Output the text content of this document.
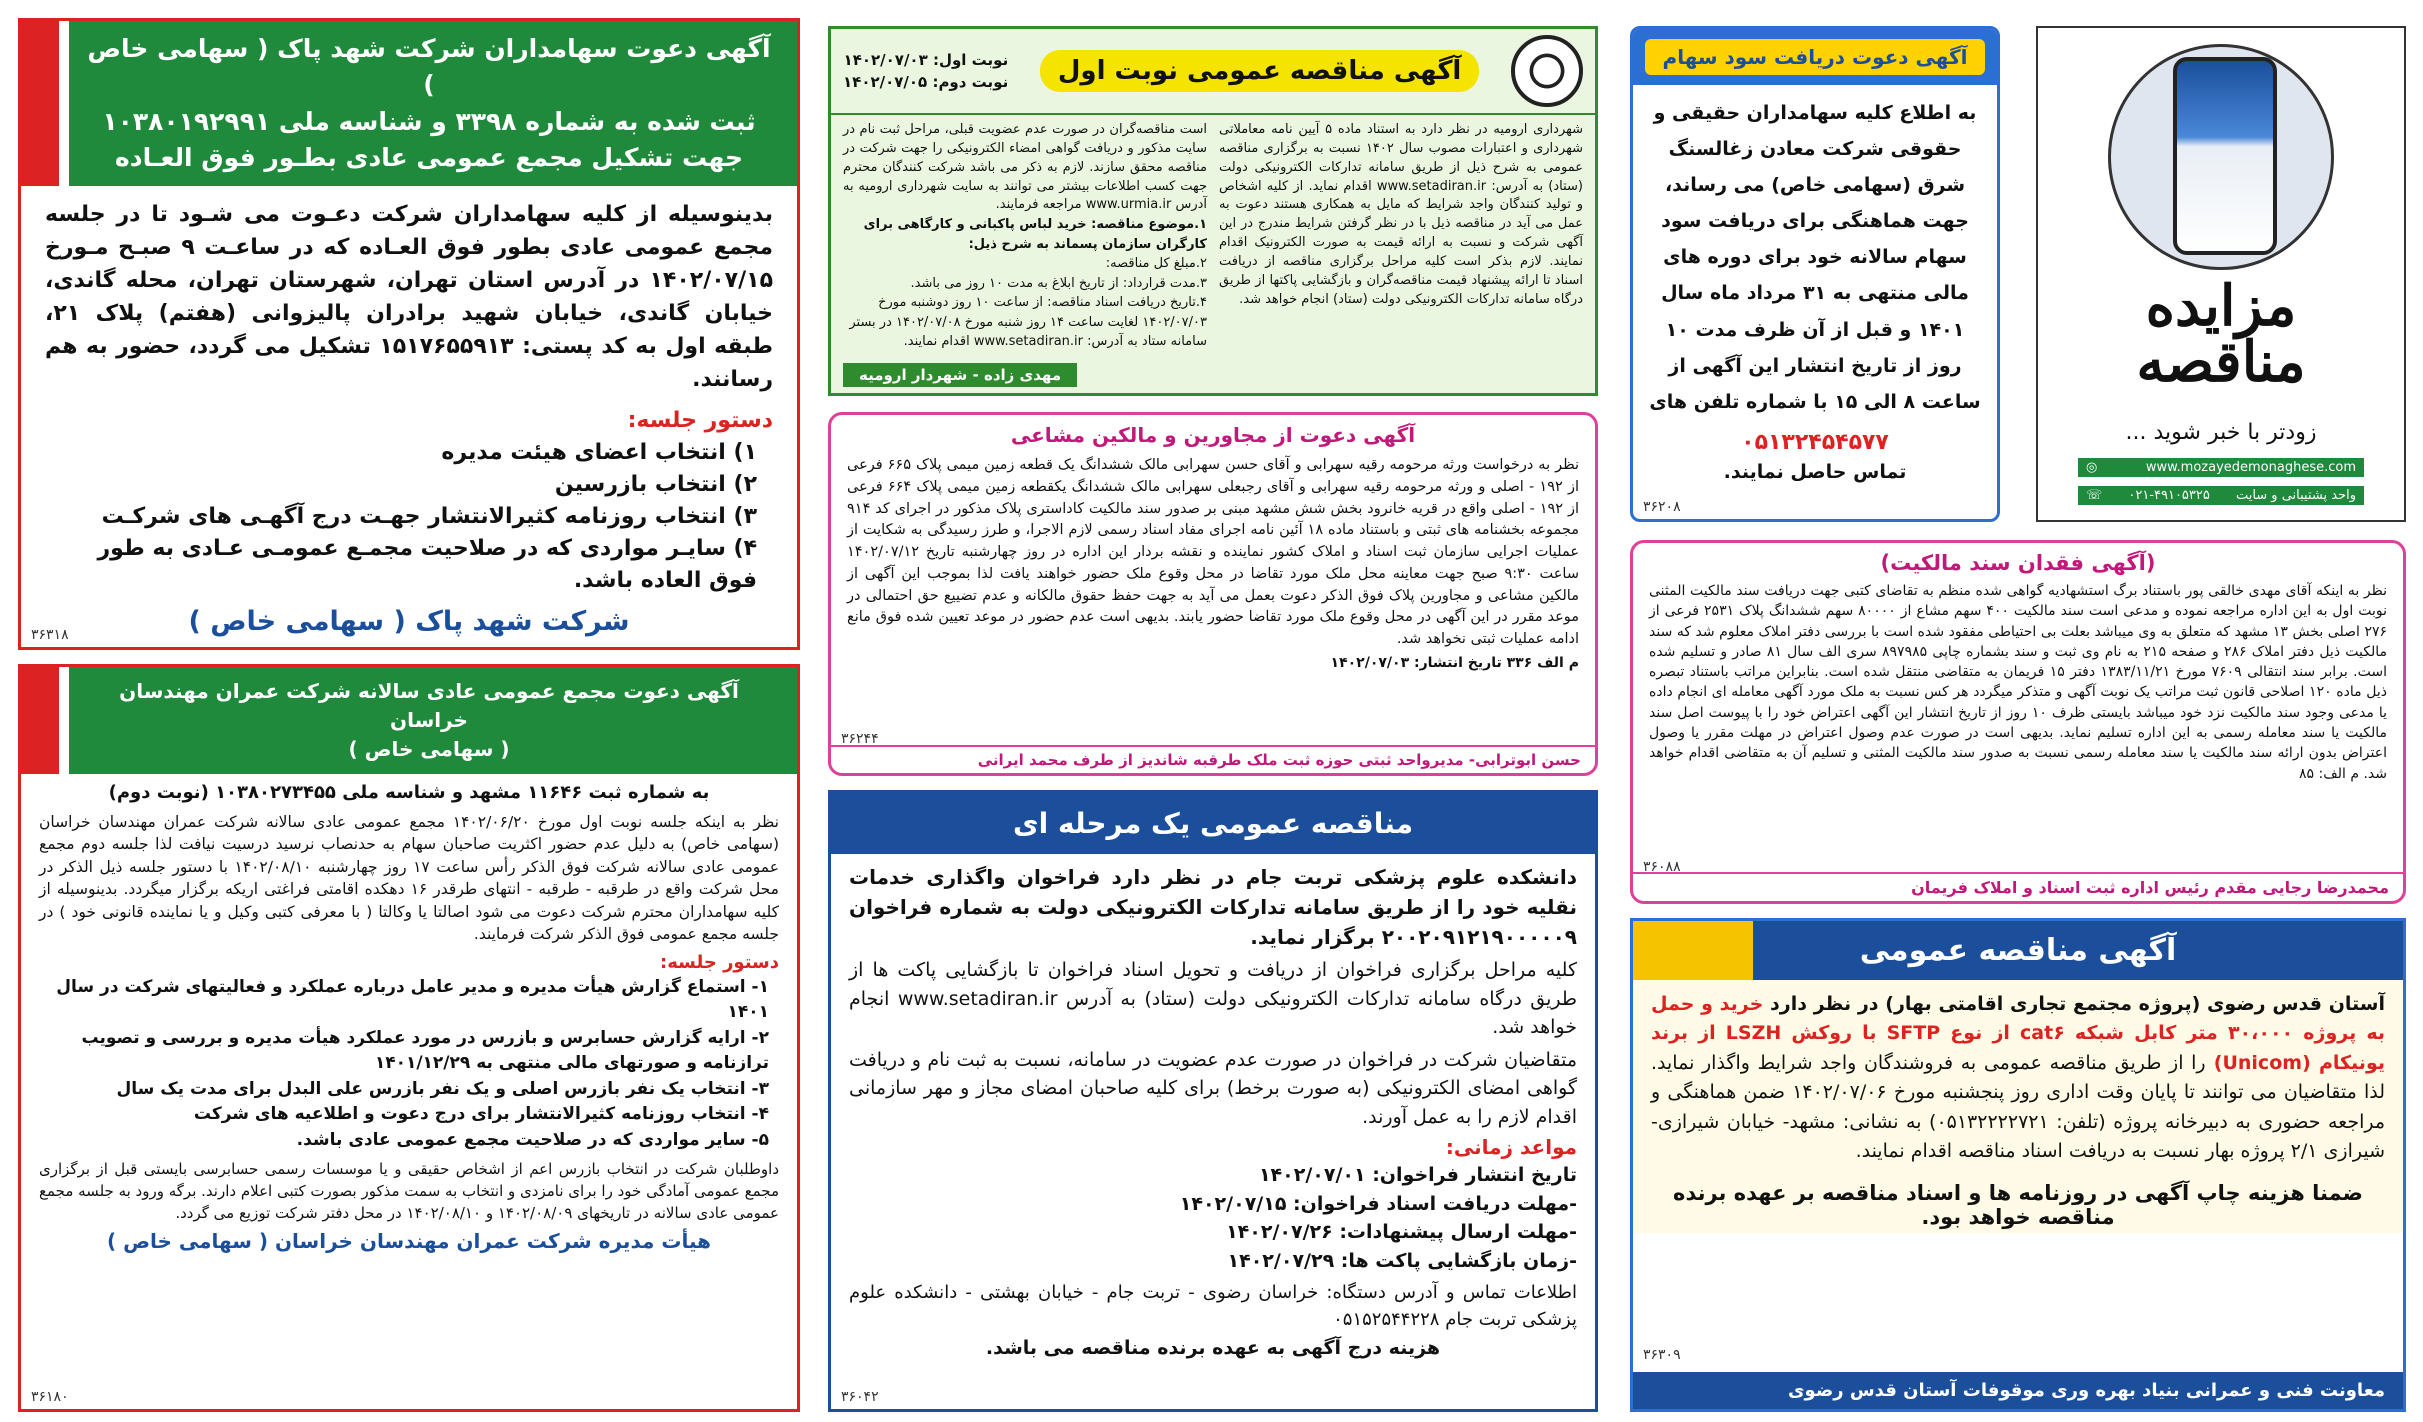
آگهی دعوت سهامداران شرکت شهد پاک ( سهامی خاص )
ثبت شده به شماره ۳۳۹۸ و شناسه ملی ۱۰۳۸۰۱۹۲۹۹۱
جهت تشکیل مجمع عمومی عادی بطـور فوق العـاده
بدینوسیله از کلیه سهامداران شرکت دعـوت می شـود تا در جلسه مجمع عمومی عادی بطور فوق العـاده که در ساعـت ۹ صبـح مـورخ ۱۴۰۲/۰۷/۱۵ در آدرس استان تهران، شهرستان تهران، محله گاندی، خیابان گاندی، خیابان شهید برادران پالیزوانی (هفتم) پلاک ۲۱، طبقه اول به کد پستی: ۱۵۱۷۶۵۵۹۱۳ تشکیل می گردد، حضور به هم رسانند.
دستور جلسه:
۱) انتخاب اعضای هیئت مدیره
۲) انتخاب بازرسین
۳) انتخاب روزنامه کثیرالانتشار جهـت درج آگهـی های شرکـت
۴) سایـر مواردی که در صلاحیت مجمـع عمومـی عـادی به طور فوق العاده باشد.
شرکت شهد پاک ( سهامی خاص )
۳۶۳۱۸
آگهی دعوت مجمع عمومی عادی سالانه شرکت عمران مهندسان خراسان
( سهامی خاص )
به شماره ثبت ۱۱۶۴۶ مشهد و شناسه ملی ۱۰۳۸۰۲۷۳۴۵۵ (نوبت دوم)
نظر به اینکه جلسه نوبت اول مورخ ۱۴۰۲/۰۶/۲۰ مجمع عمومی عادی سالانه شرکت عمران مهندسان خراسان (سهامی خاص) به دلیل عدم حضور اکثریت صاحبان سهام به حدنصاب نرسید درسیت نیافت لذا جلسه دوم مجمع عمومی عادی سالانه شرکت فوق الذکر رأس ساعت ۱۷ روز چهارشنبه ۱۴۰۲/۰۸/۱۰ با دستور جلسه ذیل الذکر در محل شرکت واقع در طرقبه - طرقبه - انتهای طرقدر ۱۶ دهکده اقامتی فراغتی اریکه برگزار میگردد. بدینوسیله از کلیه سهامداران محترم شرکت دعوت می شود اصالتا یا وکالتا ( با معرفی کتبی وکیل و یا نماینده قانونی خود ) در جلسه مجمع عمومی فوق الذکر شرکت فرمایند.
دستور جلسه:
۱- استماع گزارش هیأت مدیره و مدیر عامل درباره عملکرد و فعالیتهای شرکت در سال ۱۴۰۱
۲- ارایه گزارش حسابرس و بازرس در مورد عملکرد هیأت مدیره و بررسی و تصویب ترازنامه و صورتهای مالی منتهی به ۱۴۰۱/۱۲/۲۹
۳- انتخاب یک نفر بازرس اصلی و یک نفر بازرس علی البدل برای مدت یک سال
۴- انتخاب روزنامه کثیرالانتشار برای درج دعوت و اطلاعیه های شرکت
۵- سایر مواردی که در صلاحیت مجمع عمومی عادی باشد.
داوطلبان شرکت در انتخاب بازرس اعم از اشخاص حقیقی و یا موسسات رسمی حسابرسی بایستی قبل از برگزاری مجمع عمومی آمادگی خود را برای نامزدی و انتخاب به سمت مذکور بصورت کتبی اعلام دارند. برگه ورود به جلسه مجمع عمومی عادی سالانه در تاریخهای ۱۴۰۲/۰۸/۰۹ و ۱۴۰۲/۰۸/۱۰ در محل دفتر شرکت توزیع می گردد.
هیأت مدیره شرکت عمران مهندسان خراسان ( سهامی خاص )
۳۶۱۸۰
آگهی مناقصه عمومی نوبت اول
نوبت اول: ۱۴۰۲/۰۷/۰۳
نوبت دوم: ۱۴۰۲/۰۷/۰۵
شهرداری ارومیه در نظر دارد به استناد ماده ۵ آیین نامه معاملاتی شهرداری و اعتبارات مصوب سال ۱۴۰۲ نسبت به برگزاری مناقصه عمومی به شرح ذیل از طریق سامانه تدارکات الکترونیکی دولت (ستاد) به آدرس: www.setadiran.ir اقدام نماید. از کلیه اشخاص و تولید کنندگان واجد شرایط که مایل به همکاری هستند دعوت به عمل می آید در مناقصه ذیل با در نظر گرفتن شرایط مندرج در این آگهی شرکت و نسبت به ارائه قیمت به صورت الکترونیک اقدام نمایند. لازم بذکر است کلیه مراحل برگزاری مناقصه از دریافت اسناد تا ارائه پیشنهاد قیمت مناقصه‌گران و بازگشایی پاکتها از طریق درگاه سامانه تدارکات الکترونیکی دولت (ستاد) انجام خواهد شد.
است مناقصه‌گران در صورت عدم عضویت قبلی، مراحل ثبت نام در سایت مذکور و دریافت گواهی امضاء الکترونیکی را جهت شرکت در مناقصه محقق سازند. لازم به ذکر می باشد شرکت کنندگان محترم جهت کسب اطلاعات بیشتر می توانند به سایت شهرداری ارومیه به آدرس www.urmia.ir مراجعه فرمایند.
۱.موضوع مناقصه: خرید لباس پاکبانی و کارگاهی برای کارگران سازمان پسماند به شرح ذیل:
۲.مبلغ کل مناقصه:
۳.مدت قرارداد: از تاریخ ابلاغ به مدت ۱۰ روز می باشد.
۴.تاریخ دریافت اسناد مناقصه: از ساعت ۱۰ روز دوشنبه مورخ ۱۴۰۲/۰۷/۰۳ لغایت ساعت ۱۴ روز شنبه مورخ ۱۴۰۲/۰۷/۰۸ در بستر سامانه ستاد به آدرس: www.setadiran.ir اقدام نمایند.
مهدی زاده - شهردار ارومیه
آگهی دعوت از مجاورین و مالکین مشاعی
نظر به درخواست ورثه مرحومه رقیه سهرابی و آقای حسن سهرابی مالک ششدانگ یک قطعه زمین میمی پلاک ۶۶۵ فرعی از ۱۹۲ - اصلی و ورثه مرحومه رقیه سهرابی و آقای رجبعلی سهرابی مالک ششدانگ یکقطعه زمین میمی پلاک ۶۶۴ فرعی از ۱۹۲ - اصلی واقع در قریه خانرود بخش شش مشهد مبنی بر صدور سند مالکیت کاداستری پلاک مذکور در اجرای کد ۹۱۴ مجموعه بخشنامه های ثبتی و باستناد ماده ۱۸ آئین نامه اجرای مفاد اسناد رسمی لازم الاجرا، و طرز رسیدگی به شکایت از عملیات اجرایی سازمان ثبت اسناد و املاک کشور نماینده و نقشه بردار این اداره در روز چهارشنبه تاریخ ۱۴۰۲/۰۷/۱۲ ساعت ۹:۳۰ صبح جهت معاینه محل ملک مورد تقاضا در محل وقوع ملک حضور خواهند یافت لذا بموجب این آگهی از مالکین مشاعی و مجاورین پلاک فوق الذکر دعوت بعمل می آید به جهت حفظ حقوق مالکانه و عدم تضییع حق احتمالی در موعد مقرر در این آگهی در محل وقوع ملک مورد تقاضا حضور یابند. بدیهی است عدم حضور در موعد تعیین شده فوق مانع ادامه عملیات ثبتی نخواهد شد.
م الف ۳۳۶ تاریخ انتشار: ۱۴۰۲/۰۷/۰۳
حسن ابوترابی- مدیرواحد ثبتی حوزه ثبت ملک طرقبه شاندیز از طرف محمد ایرانی
۳۶۲۴۴
مناقصه عمومی یک مرحله ای
دانشکده علوم پزشکی تربت جام در نظر دارد فراخوان واگذاری خدمات نقلیه خود را از طریق سامانه تدارکات الکترونیکی دولت به شماره فراخوان ۲۰۰۲۰۹۱۲۱۹۰۰۰۰۰۹ برگزار نماید.
کلیه مراحل برگزاری فراخوان از دریافت و تحویل اسناد فراخوان تا بازگشایی پاکت ها از طریق درگاه سامانه تدارکات الکترونیکی دولت (ستاد) به آدرس www.setadiran.ir انجام خواهد شد.
متقاضیان شرکت در فراخوان در صورت عدم عضویت در سامانه، نسبت به ثبت نام و دریافت گواهی امضای الکترونیکی (به صورت برخط) برای کلیه صاحبان امضای مجاز و مهر سازمانی اقدام لازم را به عمل آورند.
مواعد زمانی:
تاریخ انتشار فراخوان: ۱۴۰۲/۰۷/۰۱
-مهلت دریافت اسناد فراخوان: ۱۴۰۲/۰۷/۱۵
-مهلت ارسال پیشنهادات: ۱۴۰۲/۰۷/۲۶
-زمان بازگشایی پاکت ها: ۱۴۰۲/۰۷/۲۹
اطلاعات تماس و آدرس دستگاه: خراسان رضوی - تربت جام - خیابان بهشتی - دانشکده علوم پزشکی تربت جام ۰۵۱۵۲۵۴۴۲۲۸
هزینه درج آگهی به عهده برنده مناقصه می باشد.
۳۶۰۴۲
آگهی دعوت دریافت سود سهام
به اطلاع کلیه سهامداران حقیقی و حقوقی شرکت معادن زغالسنگ شرق (سهامی خاص) می رساند، جهت هماهنگی برای دریافت سود سهام سالانه خود برای دوره های مالی منتهی به ۳۱ مرداد ماه سال ۱۴۰۱ و قبل از آن ظرف مدت ۱۰ روز از تاریخ انتشار این آگهی از ساعت ۸ الی ۱۵ با شماره تلفن های
۰۵۱۳۲۴۵۴۵۷۷
تماس حاصل نمایند.
۳۶۲۰۸
مزایده
مناقصه
زودتر با خبر شوید ...
◎	www.mozayedemonaghese.com
واحد پشتیبانی و سایت
۰۲۱-۴۹۱۰۵۳۲۵
☏
(آگهی فقدان سند مالکیت)
نظر به اینکه آقای مهدی خالقی پور باستناد برگ استشهادیه گواهی شده منظم به تقاضای کتبی جهت دریافت سند مالکیت المثنی نوبت اول به این اداره مراجعه نموده و مدعی است سند مالکیت ۴۰۰ سهم مشاع از ۸۰۰۰۰ سهم ششدانگ پلاک ۲۵۳۱ فرعی از ۲۷۶ اصلی بخش ۱۳ مشهد که متعلق به وی میباشد بعلت بی احتیاطی مفقود شده است با بررسی دفتر املاک معلوم شد که سند مالکیت ذیل دفتر املاک ۲۸۶ و صفحه ۲۱۵ به نام وی ثبت و سند بشماره چاپی ۸۹۷۹۸۵ سری الف سال ۸۱ صادر و تسلیم شده است. برابر سند انتقالی ۷۶۰۹ مورخ ۱۳۸۳/۱۱/۲۱ دفتر ۱۵ فریمان به متقاضی منتقل شده است. بنابراین مراتب باستناد تبصره ذیل ماده ۱۲۰ اصلاحی قانون ثبت مراتب یک نوبت آگهی و متذکر میگردد هر کس نسبت به ملک مورد آگهی معامله ای انجام داده یا مدعی وجود سند مالکیت نزد خود میباشد بایستی ظرف ۱۰ روز از تاریخ انتشار این آگهی اعتراض خود را با پیوست اصل سند مالکیت یا سند معامله رسمی به این اداره تسلیم نماید. بدیهی است در صورت عدم وصول اعتراض در مهلت مقرر یا وصول اعتراض بدون ارائه سند مالکیت یا سند معامله رسمی نسبت به صدور سند مالکیت المثنی و تسلیم آن به متقاضی اقدام خواهد شد. م الف: ۸۵
محمدرضا رجایی مقدم رئیس اداره ثبت اسناد و املاک فریمان
۳۶۰۸۸
آگهی مناقصه عمومی
آستان قدس رضوی (پروژه مجتمع تجاری اقامتی بهار) در نظر دارد خرید و حمل به پروژه ۳۰،۰۰۰ متر کابل شبکه cat۶ از نوع SFTP با روکش LSZH از برند یونیکام (Unicom) را از طریق مناقصه عمومی به فروشندگان واجد شرایط واگذار نماید. لذا متقاضیان می توانند تا پایان وقت اداری روز پنجشنبه مورخ ۱۴۰۲/۰۷/۰۶ ضمن هماهنگی و مراجعه حضوری به دبیرخانه پروژه (تلفن: ۰۵۱۳۲۲۲۲۷۲۱) به نشانی: مشهد- خیابان شیرازی- شیرازی ۲/۱ پروژه بهار نسبت به دریافت اسناد مناقصه اقدام نمایند.
ضمنا هزینه چاپ آگهی در روزنامه ها و اسناد مناقصه بر عهده برنده مناقصه خواهد بود.
معاونت فنی و عمرانی بنیاد بهره وری موقوفات آستان قدس رضوی
۳۶۳۰۹
